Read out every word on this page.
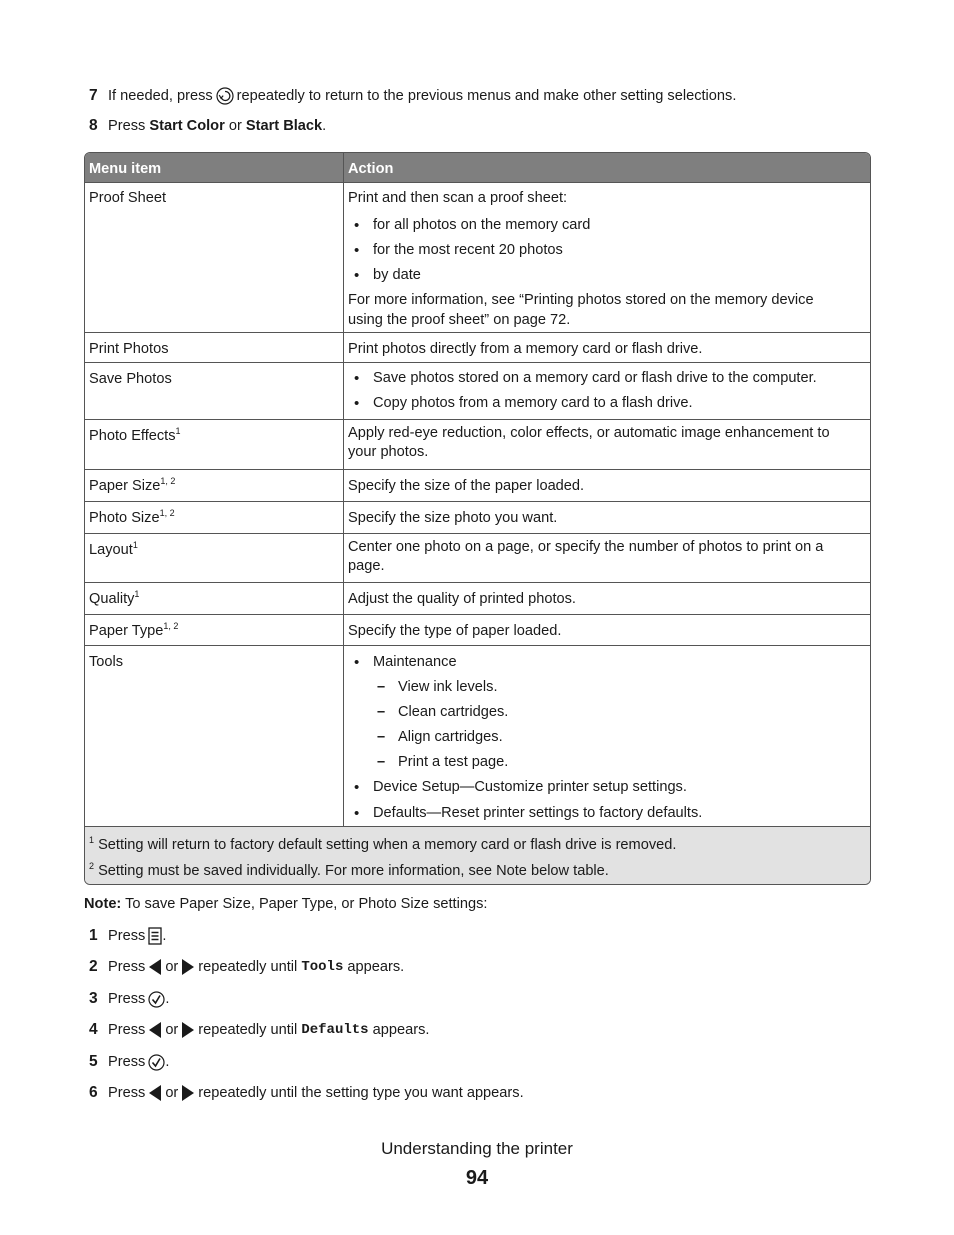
7 If needed, press repeatedly to return to the previous menus and make other setting selections.
8 Press
Start Color
or
Start Black .
Menu item	Action
Proof Sheet	Print and then scan a proof sheet:
• for all photos on the memory card
• for the most recent 20 photos
• by date
For more information, see “Printing photos stored on the memory device
using the proof sheet” on page 72.
Print Photos	Print photos directly from a memory card or flash drive.
Save Photos	• Save photos stored on a memory card or flash drive to the computer.
• Copy photos from a memory card to a flash drive.
Photo Effects$^1$	Apply red-eye reduction, color effects, or automatic image enhancement to
your photos.
Paper Size$^{1, 2}$	Specify the size of the paper loaded.
Photo Size$^{1, 2}$	Specify the size photo you want.
Layout$^1$	Center one photo on a page, or specify the number of photos to print on a
page.
Quality$^1$	Adjust the quality of printed photos.
Paper Type$^{1, 2}$	Specify the type of paper loaded.
Tools	• Maintenance
– View ink levels.
– Clean cartridges.
– Align cartridges.
– Print a test page.
• Device Setup—Customize printer setup settings.
• Defaults—Reset printer settings to factory defaults.
$^1$ Setting will return to factory default setting when a memory card or flash drive is removed.
$^2$ Setting must be saved individually. For more information, see Note below table.
Note: To save Paper Size, Paper Type, or Photo Size settings:
1 Press .
2 Press or repeatedly until
Tools
appears.
3 Press .
4 Press or repeatedly until
Defaults
appears.
5 Press .
6 Press or repeatedly until the setting type you want appears.
Understanding the printer
94
